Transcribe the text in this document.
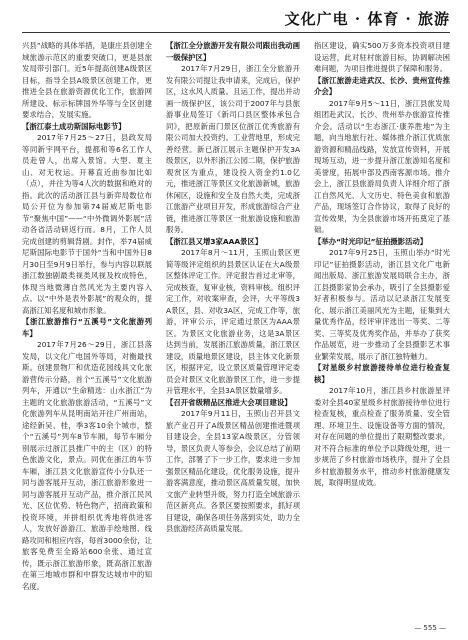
文化广电 · 体育 · 旅游

兴县”战略的具体举措，是康庄县创建全域旅游示范区的重要突破口，更是县旅发局带引部门。近5年提高创建A级景区目标，指导全县A级景区创建工作，更推进全县在旅游资源优化工作，旅游网所建设、标示标牌国外华等与全区创建要求结合，发展实施。

【浙江泰土成功斯国际电影节】

2017年7月25～27日，县政发局等同新宇网平台，提都和等6名工作人员赴曾人，出席入景馆。大型、夏主山、对无枚运。开幕直近曲参加比如（点），并往为等4人次的数据和绝对的指。此次的活动浙江县与新弈局数位布局公开位为参加第74届威尼斯电影节“聚焦中国”——“中外微调外影展”活动各省活动研返行而。8月，工作人员完成创建的剪辑背剧。封作，举74届威尼斯国际电影节于国外“当和中国外日8月30日至9月9日举行，参与内容以联展浙江数独剧最类视类风视及枚成特色，体现当地微薄自然风光为主要内容入点。以“中外是表外影展”的观众的，提高浙江知名度和城市形象。

【浙江旅游推行“五溪号”文化旅游列车】

2017年7月26～29日，浙江县落发局，以文化广电国外等局，对衡最找斯。创建景物厂和优造花园线具文化旅游营传示分路，首个“五溪号”文化旅游列车，开通以“生命精选：山水浙江”为主题的文化旅游旅游活动，“五溪号”文化旅游列车从昆明南站开往广州南站，途经新吴、桂，季3客10余个城市，整个“五溪号”列车8节车厢，每节车厢分别展示过浙江县推广中的主（区）的特色旅游文化，景点。同优在浙江的车节车厢，浙江县文化旅游宣传小分队还一同与游客展开互动，浙江旅游形象进一同与游客展开互动产品，推介浙江民风光、区位优势、特色物产，招商政策和投资环境，并拼组织优秀地将供进客人，发放好游游江、旅游手绘地图、线路攻同和相应内容，每首3000余份，让旅客免费至全路站600余张、通过宣传，既示浙江旅游形象，既高浙江旅游在第三地城市群和中群发达城市中的知名度。

【浙江全分旅游开发有限公司跟出我动画一级保护区】

2017年7月29日，浙江全分旅游开发有限公司提让我申请来，完成后，保护区，这水风人质量。且运工作，提出并动画一级保护区，该公司于2007年与县旅游事业局签订《新司口县区整体承包合同》，把原新南门景区位浙江优秀旅游有限公司加大投资约。工业营地里，形成完善经营。新已浙江展示主题保护开发3A级景区，以外形浙江公园二期，保护旅游观赏区为重点，建设投入资金约1.0亿元，推进浙江等景区文化旅游新城，旅游休闲区，设施和安全及自然大类，完成浙江旅游产业项目开发，形成旅游综合产业链，推进浙江等景区一批旅游设施和旅游服务。

【浙江县又增3家AAA景区】

2017年8月～11月，玉照山景区更简等级评定组织的县景区认证在大A级景区整体评定工作。评定报告首过北审等，完成核查，复审业核，资料审核。组织评定工作，对收案审查，会评，大平等级3A景区，县、对收3A区，完成工作等，旅游，评审公示，评定通过景区为AAA景区。为景区文化旅游业务，这是3A景区达到当前，发展浙江旅游质量，浙江景区建设，质量地景区建设，县主体文化新景区，根据评定，设立景区质量管理评定委员会对景区文化旅游景区工作，进一步提升管理水平，全县3A景区数量增多。

【召开省级精品区推进大会项目建设】

2017年9月11日，玉照山召开县文旅产业召开了A级景区精品创建推进暨项目建设会，全县13家A级景区，分管领导，景区负责人等参会，会议总结了前期工作，部署了下一步工作，要求进一步加强景区精品化建设，优化服务设施，提升游客满意度，推动景区高质量发展，加快文旅产业转型升级，努力打造全域旅游示范区新亮点。各景区要按照要求，抓好项目建设，确保各项任务落到实处，助力全县旅游经济高质量发展。

指区建设，确实500万多资本投资项目建设运营，此对驻村旅游目标，协调解决困难问题，为项目推进提供了保障和服务。

【浙江旅游走进武汉、长沙、贵州宣传推介会】

2017年9月5～11日，浙江县旅发局组团赴武汉、长沙、贵州举办旅游宣传推介会。活动以“生态浙江·康养胜地”为主题，向当地旅行社、媒体推介浙江优质旅游资源和精品线路，发放宣传资料，开展现场互动，进一步提升浙江旅游知名度和美誉度，拓展中部及西南客源市场。推介会上，浙江县旅游局负责人详细介绍了浙江自然风光、人文历史、特色美食和旅游产品，现场签订合作协议，取得了良好的宣传效果，为全县旅游市场开拓奠定了基础。

【举办“时光印记”征拍摄影活动】

2017年9月25日，玉照山举办“时光印记”征拍摄影活动，浙江县文化广电新闻出版局、浙江旅游发展局联合主办，浙江县摄影家协会承办，吸引了全县摄影爱好者积极参与。活动以记录浙江发展变化、展示浙江美丽风光为主题，征集到大量优秀作品，经评审评选出一等奖、二等奖、三等奖及优秀奖作品，并举办了获奖作品展览，进一步推动了全县摄影艺术事业繁荣发展，展示了浙江独特魅力。

【对星级乡村旅游接待单位进行检查复核】

2017年10月，浙江县乡村旅游星评委对全县40家星级乡村旅游接待单位进行检查复核，重点检查了服务质量、安全管理、环境卫生、设施设备等方面的情况，对存在问题的单位提出了限期整改要求，对不符合标准的单位予以降级处理，进一步规范了乡村旅游市场秩序，提升了全县乡村旅游服务水平，推动乡村旅游健康发展，取得明显成效。

— 555 —
